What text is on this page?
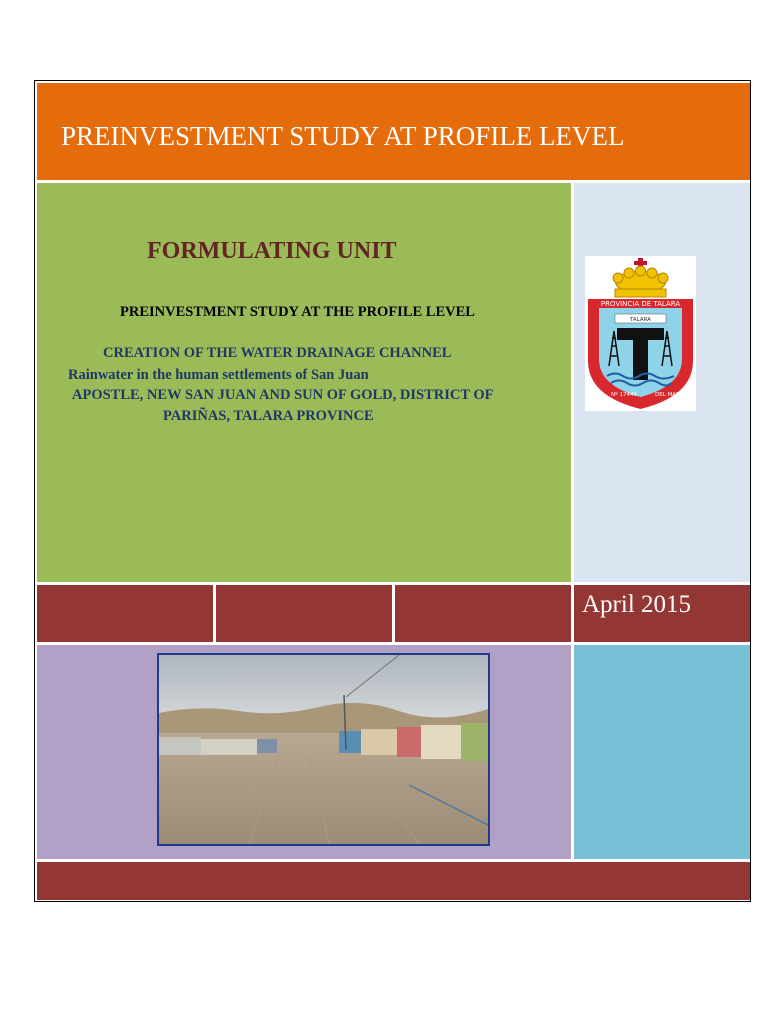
PREINVESTMENT STUDY AT PROFILE LEVEL
FORMULATING UNIT
PREINVESTMENT STUDY AT THE PROFILE LEVEL
CREATION OF THE WATER DRAINAGE CHANNEL
Rainwater in the human settlements of San Juan
APOSTLE, NEW SAN JUAN AND SUN OF GOLD, DISTRICT OF
PARIÑAS, TALARA PROVINCE
PROVINCIA DE TALARA
TALARA
Nº 17449	DEL MAR
April 2015
